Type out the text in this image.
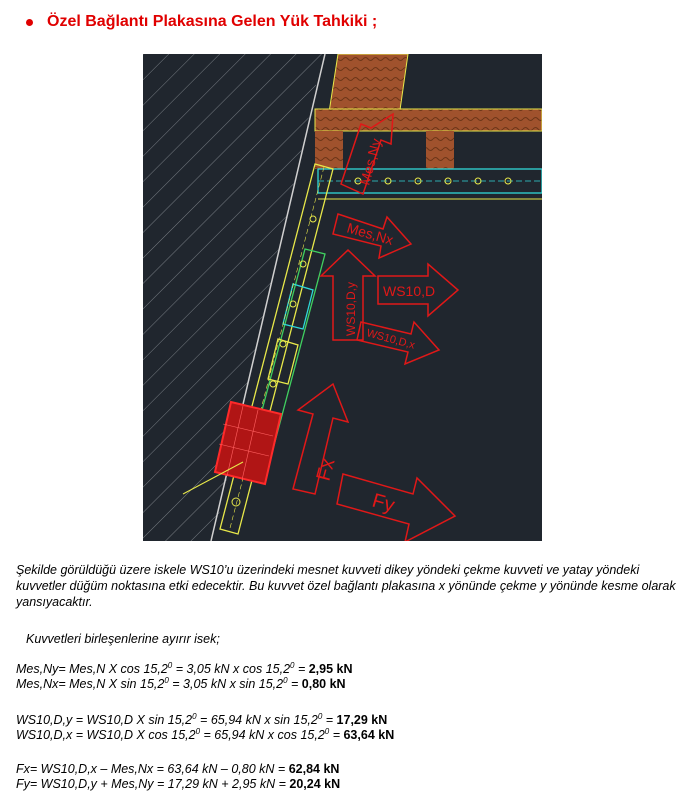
Özel Bağlantı Plakasına Gelen Yük Tahkiki ;
Mes,Ny
Mes,Nx
WS10,D
WS10,D,y
WS10,D,x
Fx
Fy
Şekilde görüldüğü üzere iskele WS10’u üzerindeki mesnet kuvveti dikey yöndeki çekme kuvveti ve yatay yöndeki kuvvetler düğüm noktasına etki edecektir. Bu kuvvet özel bağlantı plakasına x yönünde çekme y yönünde kesme olarak yansıyacaktır.
Kuvvetleri birleşenlerine ayırır isek;
Mes,Ny= Mes,N X $\cos 15,2^0 = 3,05$ kN x $\cos 15,2^0 = 2,95$ kN
Mes,Nx= Mes,N X $\sin 15,2^0 = 3,05$ kN x $\sin 15,2^0 = 0,80$ kN
WS10,D,y = WS10,D X $\sin 15,2^0 = 65,94$ kN x $\sin 15,2^0 = 17,29$ kN
WS10,D,x = WS10,D X $\cos 15,2^0 = 65,94$ kN x $\cos 15,2^0 = 63,64$ kN
Fx= WS10,D,x – Mes,Nx = 63,64 kN – 0,80 kN = 62,84 kN
Fy= WS10,D,y + Mes,Ny = 17,29 kN + 2,95 kN = 20,24 kN
